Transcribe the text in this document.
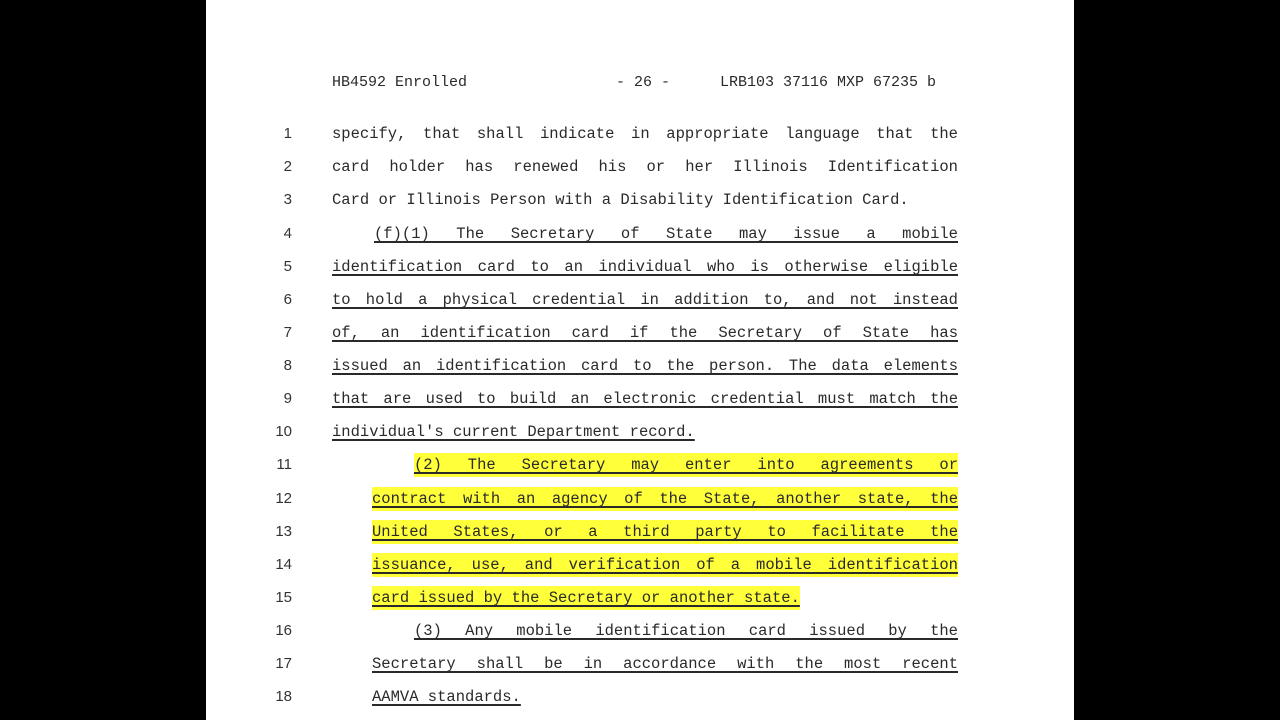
HB4592 Enrolled	- 26 -	LRB103 37116 MXP 67235 b
1	specify, that shall indicate in appropriate language that the
2	card holder has renewed his or her Illinois Identification
3	Card or Illinois Person with a Disability Identification Card.
4	(f)(1) The Secretary of State may issue a mobile
5	identification card to an individual who is otherwise eligible
6	to hold a physical credential in addition to, and not instead
7	of, an identification card if the Secretary of State has
8	issued an identification card to the person. The data elements
9	that are used to build an electronic credential must match the
10	individual's current Department record.
11	(2) The Secretary may enter into agreements or
12	contract with an agency of the State, another state, the
13	United States, or a third party to facilitate the
14	issuance, use, and verification of a mobile identification
15	card issued by the Secretary or another state.
16	(3) Any mobile identification card issued by the
17	Secretary shall be in accordance with the most recent
18	AAMVA standards.
